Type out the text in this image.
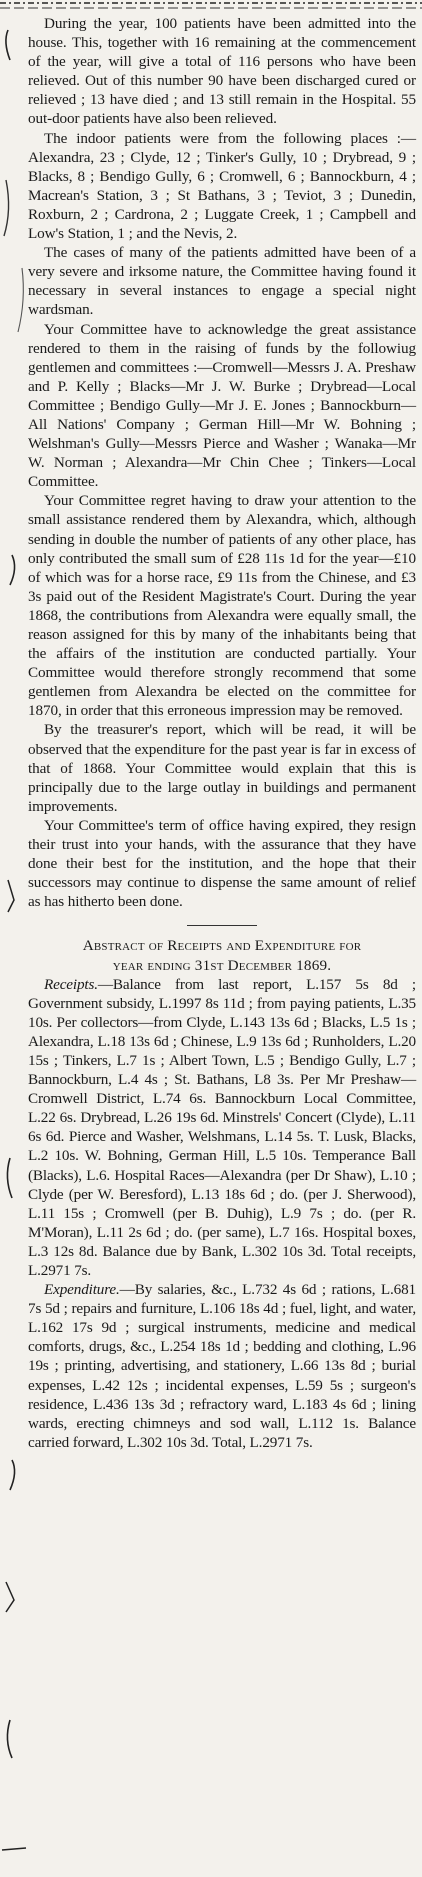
During the year, 100 patients have been admitted into the house. This, together with 16 remaining at the commencement of the year, will give a total of 116 persons who have been relieved. Out of this number 90 have been discharged cured or relieved ; 13 have died ; and 13 still remain in the Hospital. 55 out-door patients have also been relieved.

The indoor patients were from the following places :—Alexandra, 23 ; Clyde, 12 ; Tinker's Gully, 10 ; Drybread, 9 ; Blacks, 8 ; Bendigo Gully, 6 ; Cromwell, 6 ; Bannockburn, 4 ; Macrean's Station, 3 ; St Bathans, 3 ; Teviot, 3 ; Dunedin, Roxburn, 2 ; Cardrona, 2 ; Luggate Creek, 1 ; Campbell and Low's Station, 1 ; and the Nevis, 2.

The cases of many of the patients admitted have been of a very severe and irksome nature, the Committee having found it necessary in several instances to engage a special night wardsman.

Your Committee have to acknowledge the great assistance rendered to them in the raising of funds by the followiug gentlemen and committees :—Cromwell—Messrs J. A. Preshaw and P. Kelly ; Blacks—Mr J. W. Burke ; Drybread—Local Committee ; Bendigo Gully—Mr J. E. Jones ; Bannockburn—All Nations' Company ; German Hill—Mr W. Bohning ; Welshman's Gully—Messrs Pierce and Washer ; Wanaka—Mr W. Norman ; Alexandra—Mr Chin Chee ; Tinkers—Local Committee.

Your Committee regret having to draw your attention to the small assistance rendered them by Alexandra, which, although sending in double the number of patients of any other place, has only contributed the small sum of £28 11s 1d for the year—£10 of which was for a horse race, £9 11s from the Chinese, and £3 3s paid out of the Resident Magistrate's Court. During the year 1868, the contributions from Alexandra were equally small, the reason assigned for this by many of the inhabitants being that the affairs of the institution are conducted partially. Your Committee would therefore strongly recommend that some gentlemen from Alexandra be elected on the committee for 1870, in order that this erroneous impression may be removed.

By the treasurer's report, which will be read, it will be observed that the expenditure for the past year is far in excess of that of 1868. Your Committee would explain that this is principally due to the large outlay in buildings and permanent improvements.

Your Committee's term of office having expired, they resign their trust into your hands, with the assurance that they have done their best for the institution, and the hope that their successors may continue to dispense the same amount of relief as has hitherto been done.

Abstract of Receipts and Expenditure for
year ending 31st December 1869.

Receipts.—Balance from last report, L.157 5s 8d ; Government subsidy, L.1997 8s 11d ; from paying patients, L.35 10s. Per collectors—from Clyde, L.143 13s 6d ; Blacks, L.5 1s ; Alexandra, L.18 13s 6d ; Chinese, L.9 13s 6d ; Runholders, L.20 15s ; Tinkers, L.7 1s ; Albert Town, L.5 ; Bendigo Gully, L.7 ; Bannockburn, L.4 4s ; St. Bathans, L8 3s. Per Mr Preshaw—Cromwell District, L.74 6s. Bannockburn Local Committee, L.22 6s. Drybread, L.26 19s 6d. Minstrels' Concert (Clyde), L.11 6s 6d. Pierce and Washer, Welshmans, L.14 5s. T. Lusk, Blacks, L.2 10s. W. Bohning, German Hill, L.5 10s. Temperance Ball (Blacks), L.6. Hospital Races—Alexandra (per Dr Shaw), L.10 ; Clyde (per W. Beresford), L.13 18s 6d ; do. (per J. Sherwood), L.11 15s ; Cromwell (per B. Duhig), L.9 7s ; do. (per R. M'Moran), L.11 2s 6d ; do. (per same), L.7 16s. Hospital boxes, L.3 12s 8d. Balance due by Bank, L.302 10s 3d. Total receipts, L.2971 7s.

Expenditure.—By salaries, &c., L.732 4s 6d ; rations, L.681 7s 5d ; repairs and furniture, L.106 18s 4d ; fuel, light, and water, L.162 17s 9d ; surgical instruments, medicine and medical comforts, drugs, &c., L.254 18s 1d ; bedding and clothing, L.96 19s ; printing, advertising, and stationery, L.66 13s 8d ; burial expenses, L.42 12s ; incidental expenses, L.59 5s ; surgeon's residence, L.436 13s 3d ; refractory ward, L.183 4s 6d ; lining wards, erecting chimneys and sod wall, L.112 1s. Balance carried forward, L.302 10s 3d. Total, L.2971 7s.
